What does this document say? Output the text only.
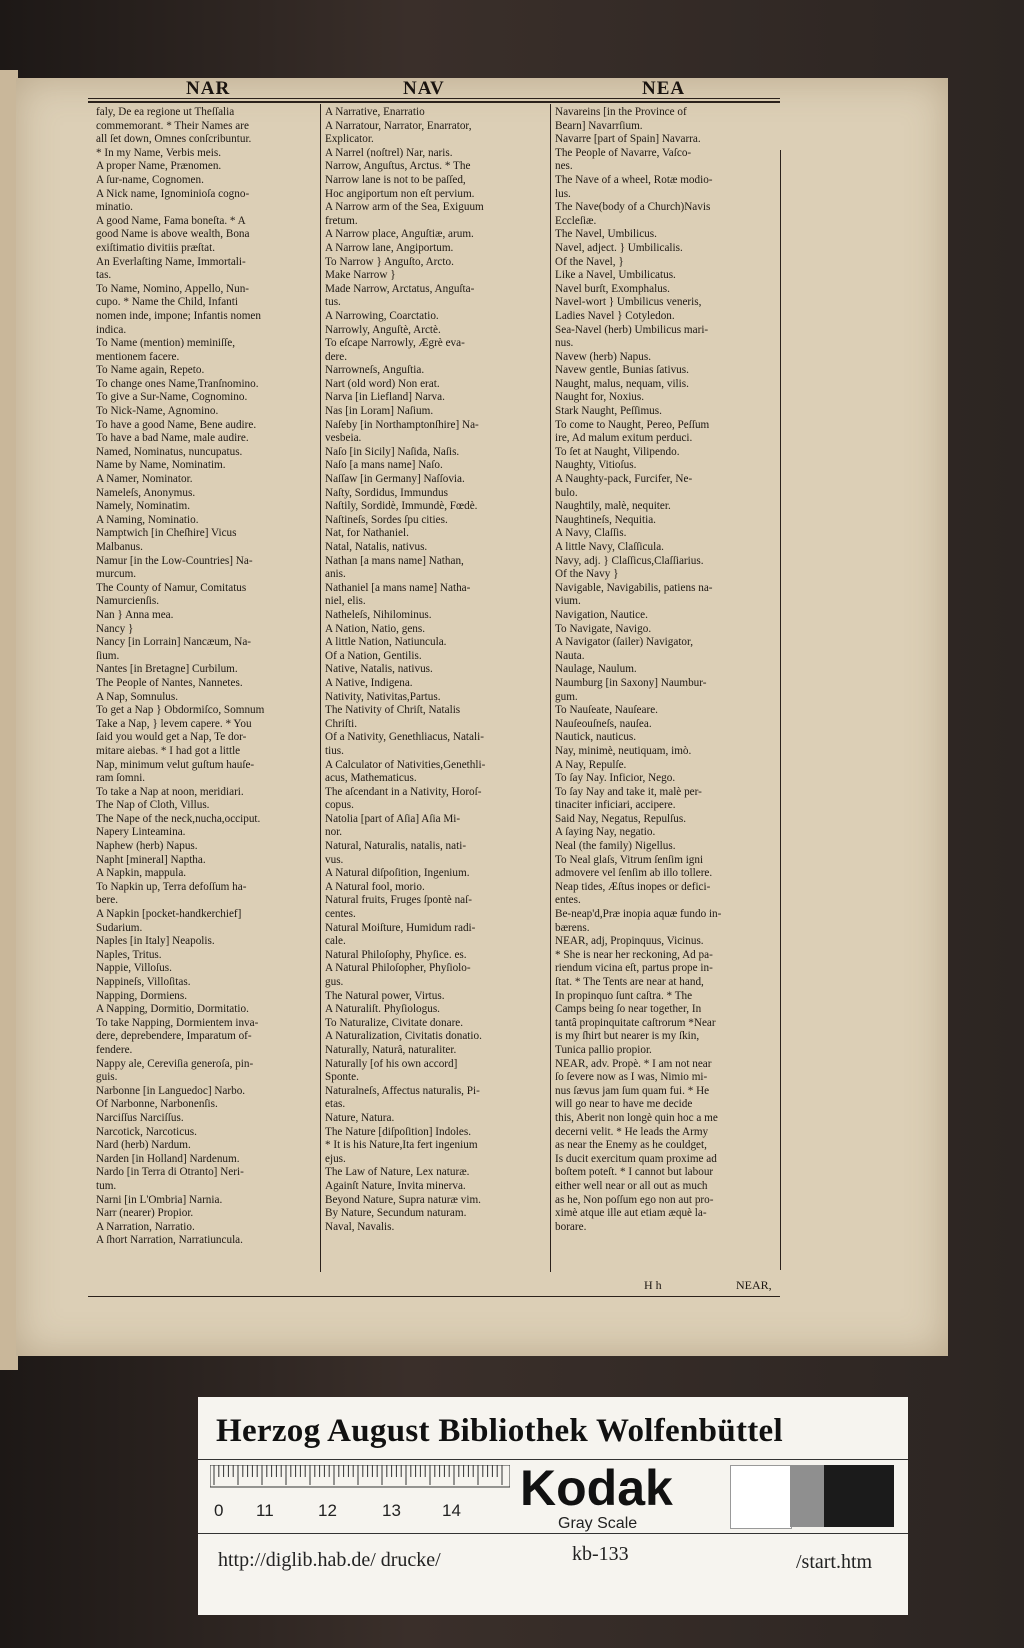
NAR	NAV	NEA
faly, De ea regione ut Theſſalia
commemorant. * Their Names are
all ſet down, Omnes conſcribuntur.
* In my Name, Verbis meis.
A proper Name, Prænomen.
A ſur-name, Cognomen.
A Nick name, Ignominioſa cogno-
minatio.
A good Name, Fama boneſta. * A
good Name is above wealth, Bona
exiſtimatio divitiis præſtat.
An Everlaſting Name, Immortali-
tas.
To Name, Nomino, Appello, Nun-
cupo. * Name the Child, Infanti
nomen inde, impone; Infantis nomen
indica.
To Name (mention) meminiſſe,
mentionem facere.
To Name again, Repeto.
To change ones Name,Tranſnomino.
To give a Sur-Name, Cognomino.
To Nick-Name, Agnomino.
To have a good Name, Bene audire.
To have a bad Name, male audire.
Named, Nominatus, nuncupatus.
Name by Name, Nominatim.
A Namer, Nominator.
Nameleſs, Anonymus.
Namely, Nominatim.
A Naming, Nominatio.
Namptwich [in Cheſhire] Vicus
Malbanus.
Namur [in the Low-Countries] Na-
murcum.
The County of Namur, Comitatus
Namurcienſis.
Nan } Anna mea.
Nancy }
Nancy [in Lorrain] Nancæum, Na-
ſium.
Nantes [in Bretagne] Curbilum.
The People of Nantes, Nannetes.
A Nap, Somnulus.
To get a Nap } Obdormiſco, Somnum
Take a Nap, } levem capere. * You
ſaid you would get a Nap, Te dor-
mitare aiebas. * I had got a little
Nap, minimum velut guſtum hauſe-
ram ſomni.
To take a Nap at noon, meridiari.
The Nap of Cloth, Villus.
The Nape of the neck,nucha,occiput.
Napery Lintеamina.
Naphew (herb) Napus.
Napht [mineral] Naptha.
A Napkin, mappula.
To Napkin up, Terra defoſſum ha-
bere.
A Napkin [pocket-handkerchief]
Sudarium.
Naples [in Italy] Neapolis.
Naples, Tritus.
Nappie, Villoſus.
Nappineſs, Villoſitas.
Napping, Dormiens.
A Napping, Dormitio, Dormitatio.
To take Napping, Dormientem inva-
dere, deprebendere, Imparatum of-
fendere.
Nappy ale, Cereviſia generoſa, pin-
guis.
Narbonne [in Languedoc] Narbo.
Of Narbonne, Narbonenſis.
Narciſſus Narciſſus.
Narcotick, Narcoticus.
Nard (herb) Nardum.
Narden [in Holland] Nardenum.
Nardo [in Terra di Otranto] Neri-
tum.
Narni [in L'Ombria] Narnia.
Narr (nearer) Propior.
A Narration, Narratio.
A ſhort Narration, Narratiuncula.
A Narrative, Enarratio
A Narratour, Narrator, Enarrator,
Explicator.
A Narrel (noſtrel) Nar, naris.
Narrow, Anguſtus, Arctus. * The
Narrow lane is not to be paſſed,
Hoc angiportum non eſt pervium.
A Narrow arm of the Sea, Exiguum
fretum.
A Narrow place, Anguſtiæ, arum.
A Narrow lane, Angiportum.
To Narrow } Anguſto, Arcto.
Make Narrow }
Made Narrow, Arctatus, Anguſta-
tus.
A Narrowing, Coarctatio.
Narrowly, Anguſtè, Arctè.
To eſcape Narrowly, Ægrè eva-
dere.
Narrowneſs, Anguſtia.
Nart (old word) Non erat.
Narva [in Liefland] Narva.
Nas [in Loram] Naſium.
Naſeby [in Northamptonſhire] Na-
vesbeia.
Naſo [in Sicily] Naſida, Naſis.
Naſo [a mans name] Naſo.
Naſſaw [in Germany] Naſſovia.
Naſty, Sordidus, Immundus
Naſtily, Sordidè, Immundè, Fœdè.
Naſtineſs, Sordes ſpu cities.
Nat, for Nathaniel.
Natal, Natalis, nativus.
Nathan [a mans name] Nathan,
anis.
Nathaniel [a mans name] Natha-
niel, elis.
Natheleſs, Nihilominus.
A Nation, Natio, gens.
A little Nation, Natiuncula.
Of a Nation, Gentilis.
Native, Natalis, nativus.
A Native, Indigena.
Nativity, Nativitas,Partus.
The Nativity of Chriſt, Natalis
Chriſti.
Of a Nativity, Genethliacus, Natali-
tius.
A Calculator of Nativities,Genethli-
acus, Mathematicus.
The aſcendant in a Nativity, Horoſ-
copus.
Natolia [part of Aſia] Aſia Mi-
nor.
Natural, Naturalis, natalis, nati-
vus.
A Natural diſpoſition, Ingenium.
A Natural fool, morio.
Natural fruits, Fruges ſpontè naſ-
centes.
Natural Moiſture, Humidum radi-
cale.
Natural Philoſophy, Phyſice. es.
A Natural Philoſopher, Phyſiolo-
gus.
The Natural power, Virtus.
A Naturaliſt. Phyſiologus.
To Naturalize, Civitate donare.
A Naturalization, Civitatis donatio.
Naturally, Naturâ, naturaliter.
Naturally [of his own accord]
Sponte.
Naturalneſs, Affectus naturalis, Pi-
etas.
Nature, Natura.
The Nature [diſpoſition] Indoles.
* It is his Nature,Ita fert ingenium
ejus.
The Law of Nature, Lex naturæ.
Againſt Nature, Invita minerva.
Beyond Nature, Supra naturæ vim.
By Nature, Secundum naturam.
Naval, Navalis.
Navareins [in the Province of
Bearn] Navarrſium.
Navarre [part of Spain] Navarra.
The People of Navarre, Vaſco-
nes.
The Nave of a wheel, Rotæ modio-
lus.
The Nave(body of a Church)Navis
Eccleſiæ.
The Navel, Umbilicus.
Navel, adject. } Umbilicalis.
Of the Navel, }
Like a Navel, Umbilicatus.
Navel burſt, Exomphalus.
Navel-wort } Umbilicus veneris,
Ladies Navel } Cotyledon.
Sea-Navel (herb) Umbilicus mari-
nus.
Navew (herb) Napus.
Navew gentle, Bunias ſativus.
Naught, malus, nequam, vilis.
Naught for, Noxius.
Stark Naught, Peſſimus.
To come to Naught, Pereo, Peſſum
ire, Ad malum exitum perduci.
To ſet at Naught, Vilipendo.
Naughty, Vitioſus.
A Naughty-pack, Furcifer, Ne-
bulo.
Naughtily, malè, nequiter.
Naughtineſs, Nequitia.
A Navy, Claſſis.
A little Navy, Claſſicula.
Navy, adj. } Claſſicus,Claſſiarius.
Of the Navy }
Navigable, Navigabilis, patiens na-
vium.
Navigation, Nautice.
To Navigate, Navigo.
A Navigator (ſailer) Navigator,
Nauta.
Naulage, Naulum.
Naumburg [in Saxony] Naumbur-
gum.
To Nauſeate, Nauſeare.
Nauſeouſneſs, nauſea.
Nautick, nauticus.
Nay, minimè, neutiquam, imò.
A Nay, Repulſe.
To ſay Nay. Inficior, Nego.
To ſay Nay and take it, malè per-
tinaciter inficiari, accipere.
Said Nay, Negatus, Repulſus.
A ſaying Nay, negatio.
Neal (the family) Nigellus.
To Neal glaſs, Vitrum ſenſim igni
admovere vel ſenſim ab illo tollere.
Neap tides, Æſtus inopes or defici-
entes.
Be-neap'd,Præ inopia aquæ fundo in-
bærens.
NEAR, adj, Propinquus, Vicinus.
* She is near her reckoning, Ad pa-
riendum vicina eſt, partus prope in-
ſtat. * The Tents are near at hand,
In propinquo ſunt caſtra. * The
Camps being ſo near together, In
tantâ propinquitate caſtrorum *Near
is my ſhirt but nearer is my ſkin,
Tunica pallio propior.
NEAR, adv. Propè. * I am not near
ſo ſevere now as I was, Nimio mi-
nus ſævus jam ſum quam fui. * He
will go near to have me decide
this, Aberit non longè quin hoc a me
decerni velit. * He leads the Army
as near the Enemy as he couldget,
Is ducit exercitum quam proxime ad
boſtem poteſt. * I cannot but labour
either well near or all out as much
as he, Non poſſum ego non aut pro-
ximè atque ille aut etiam æquè la-
borare.
H h	NEAR,
Herzog August Bibliothek Wolfenbüttel
0 11	12	13 14 Kodak
Gray Scale
http://diglib.hab.de/ drucke/	kb-133	/start.htm
